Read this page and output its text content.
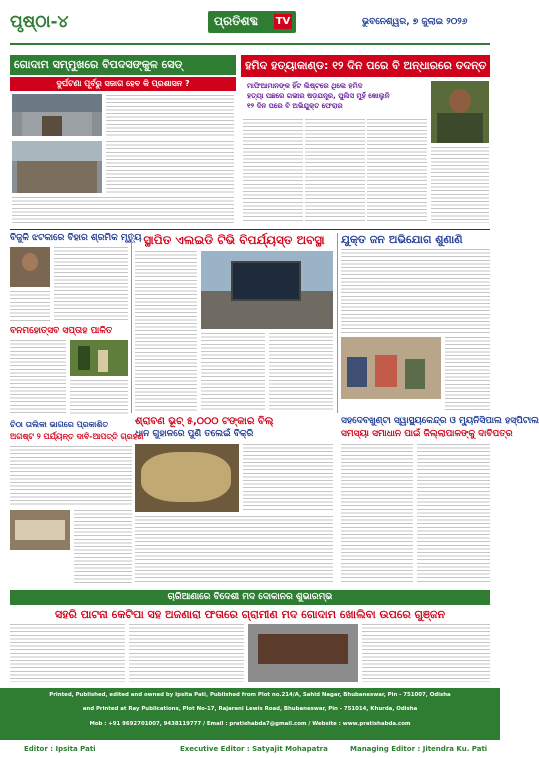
ପୃଷ୍ଠା-୪	ପ୍ରତିଶବ୍ଦ TV	ଭୁବନେଶ୍ୱର, ୭ ଜୁଲାଇ ୨୦୨୬
ଗୋଦାମ ସମ୍ମୁଖରେ ବିପଦସଙ୍କୁଳ ସେଡ୍
ଦୁର୍ଘଟଣା ପୂର୍ବରୁ ସଜାଗ ହେବ କି ପ୍ରଶାସନ ?
ହମିଦ ହତ୍ୟାକାଣ୍ଡ: ୧୨ ଦିନ ପରେ ବି ଅନ୍ଧାରରେ ତଦନ୍ତ
ମାଫିଆମାନଙ୍କ ହିଁଟ ଲିଷ୍ଟରେ ଥିଲେ ହମିଦ
ହତ୍ୟା ପଛରେ ଗଭୀର ଷଡ଼ଯନ୍ତ୍ର, ପୁଲିସ ମୁହଁ ଖୋଲୁନି
୧୨ ଦିନ ପରେ ବି ଅଭିଯୁକ୍ତ ଫେରାର
ବିଜୁଳି ଝଟକାରେ ବିହାର ଶ୍ରମିକ ମୃତ୍ୟୁ
ବନମହୋତ୍ସବ ସପ୍ତାହ ପାଳିତ
ସ୍ଥାପିତ ଏଲଇଡି ଟିଭି ବିପର୍ଯ୍ୟସ୍ତ ଅବସ୍ଥା	ଯୁକ୍ତ ଜନ ଅଭିଯୋଗ ଶୁଣାଣି
ଶ୍ରାବଣ ଭୂଚ୍ ୫,୦୦୦ ଟଙ୍କାର ବିଲ୍
ଧାନ ଗୁହାଳରେ ପୁଣି ତଲେଇଁ ବିକ୍ରି
ଚିଠା ତାଲିକା ଭାଗରେ ପ୍ରକାଶିତ
ଅଗଷ୍ଟ ୨ ପର୍ଯ୍ୟନ୍ତ ଦାବି-ଆପତ୍ତି ଗ୍ରହଣ
ସହଦେବଖୁଣ୍ଟା ସ୍ୱାସ୍ଥ୍ୟକେନ୍ଦ୍ର ଓ ମ୍ୟୁନିସିପାଲ ହସ୍ପିଟାଲ
ସମସ୍ୟା ସମାଧାନ ପାଇଁ ଜିଲ୍ଲାପାଳଙ୍କୁ ଦାବିପତ୍ର
ଚାରିଆଣାରେ ବିଦେଶୀ ମଦ ଦୋକାନର ଶୁଭାରମ୍ଭ
ସହରି ପାଟନା କେଟିପା ସହ ଅଜଣାରା ଫତାରେ ଗ୍ରାମୀଣ ମଦ ଗୋଦାମ ଖୋଲିବା ଉପରେ ଗୁଞ୍ଜନ
Printed, Published, edited and owned by Ipsita Pati, Published from Plot no.214/A, Sahid Nagar, Bhubaneswar, Pin - 751007, Odisha
and Printed at Ray Publications, Plot No-17, Rajarani Lewis Road, Bhubaneswar, Pin - 751014, Khurda, Odisha
Mob : +91 9692701007, 9438119777 / Email : pratishabda7@gmail.com / Website : www.pratishabda.com
Editor : Ipsita Pati	Executive Editor : Satyajit Mohapatra	Managing Editor : Jitendra Ku. Pati
